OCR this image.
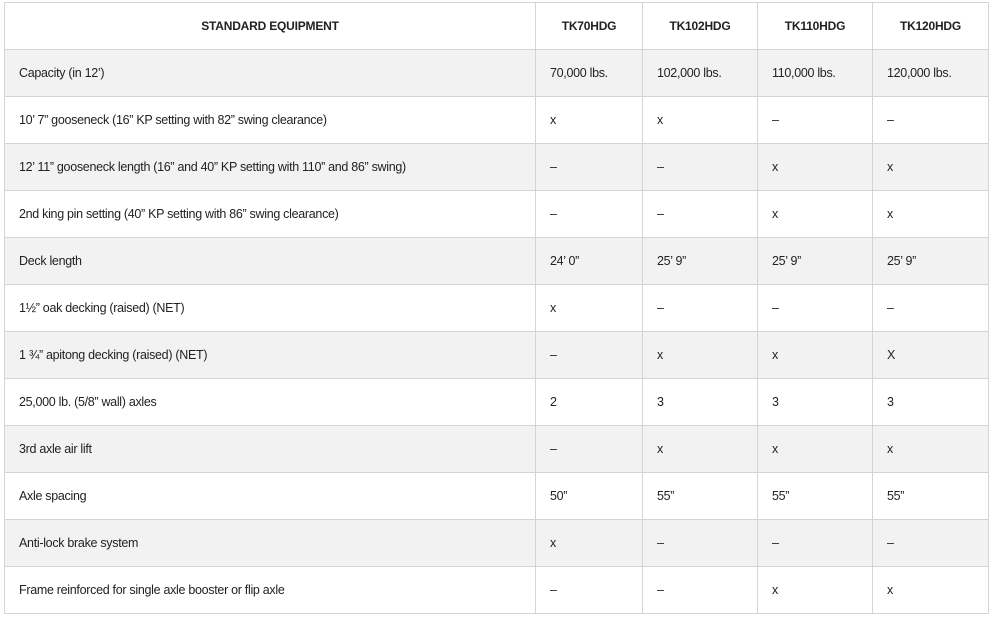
STANDARD EQUIPMENT	TK70HDG	TK102HDG	TK110HDG	TK120HDG
Capacity (in 12’)	70,000 lbs.	102,000 lbs.	110,000 lbs.	120,000 lbs.
10’ 7” gooseneck (16” KP setting with 82” swing clearance)	x	x	–	–
12’ 11” gooseneck length (16” and 40” KP setting with 110” and 86” swing)	–	–	x	x
2nd king pin setting (40” KP setting with 86” swing clearance)	–	–	x	x
Deck length	24’ 0”	25’ 9”	25’ 9”	25’ 9”
1½” oak decking (raised) (NET)	x	–	–	–
1 ¾” apitong decking (raised) (NET)	–	x	x	X
25,000 lb. (5/8” wall) axles	2	3	3	3
3rd axle air lift	–	x	x	x
Axle spacing	50”	55”	55”	55”
Anti-lock brake system	x	–	–	–
Frame reinforced for single axle booster or flip axle	–	–	x	x
